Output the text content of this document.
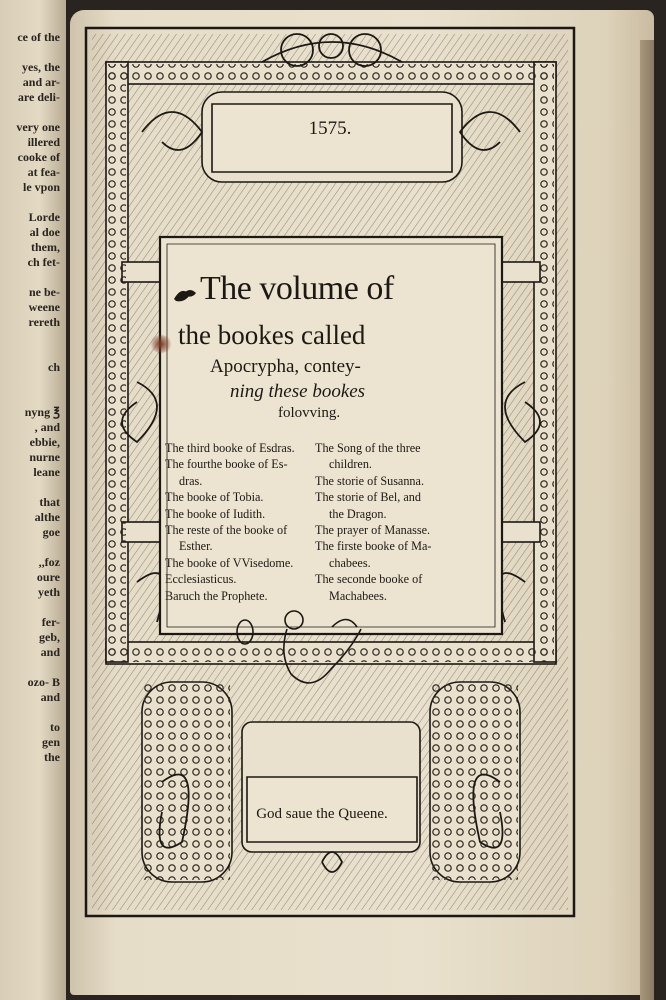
ce of the

yes, the
and ar-
are deli-

very one
illered
cooke of
at fea-
le vpon

Lorde
al doe
them,
ch fet-

ne be-
weene
rereth

ch

nyng ℥
, and
ebbie,
nurne
leane

that
althe
goe

,,foz
oure
yeth

fer-
geb,
and

ozo- B
and

to
gen
the
1575.
The volume of
the bookes called
Apocrypha, contey-
ning these bookes
folovving.
The third booke of Esdras.
The fourthe booke of Es-
dras.
The booke of Tobia.
The booke of Iudith.
The reste of the booke of
Esther.
The booke of VVisedome.
Ecclesiasticus.
Baruch the Prophete.
The Song of the three
children.
The storie of Susanna.
The storie of Bel, and
the Dragon.
The prayer of Manasse.
The firste booke of Ma-
chabees.
The seconde booke of
Machabees.
God saue the Queene.
